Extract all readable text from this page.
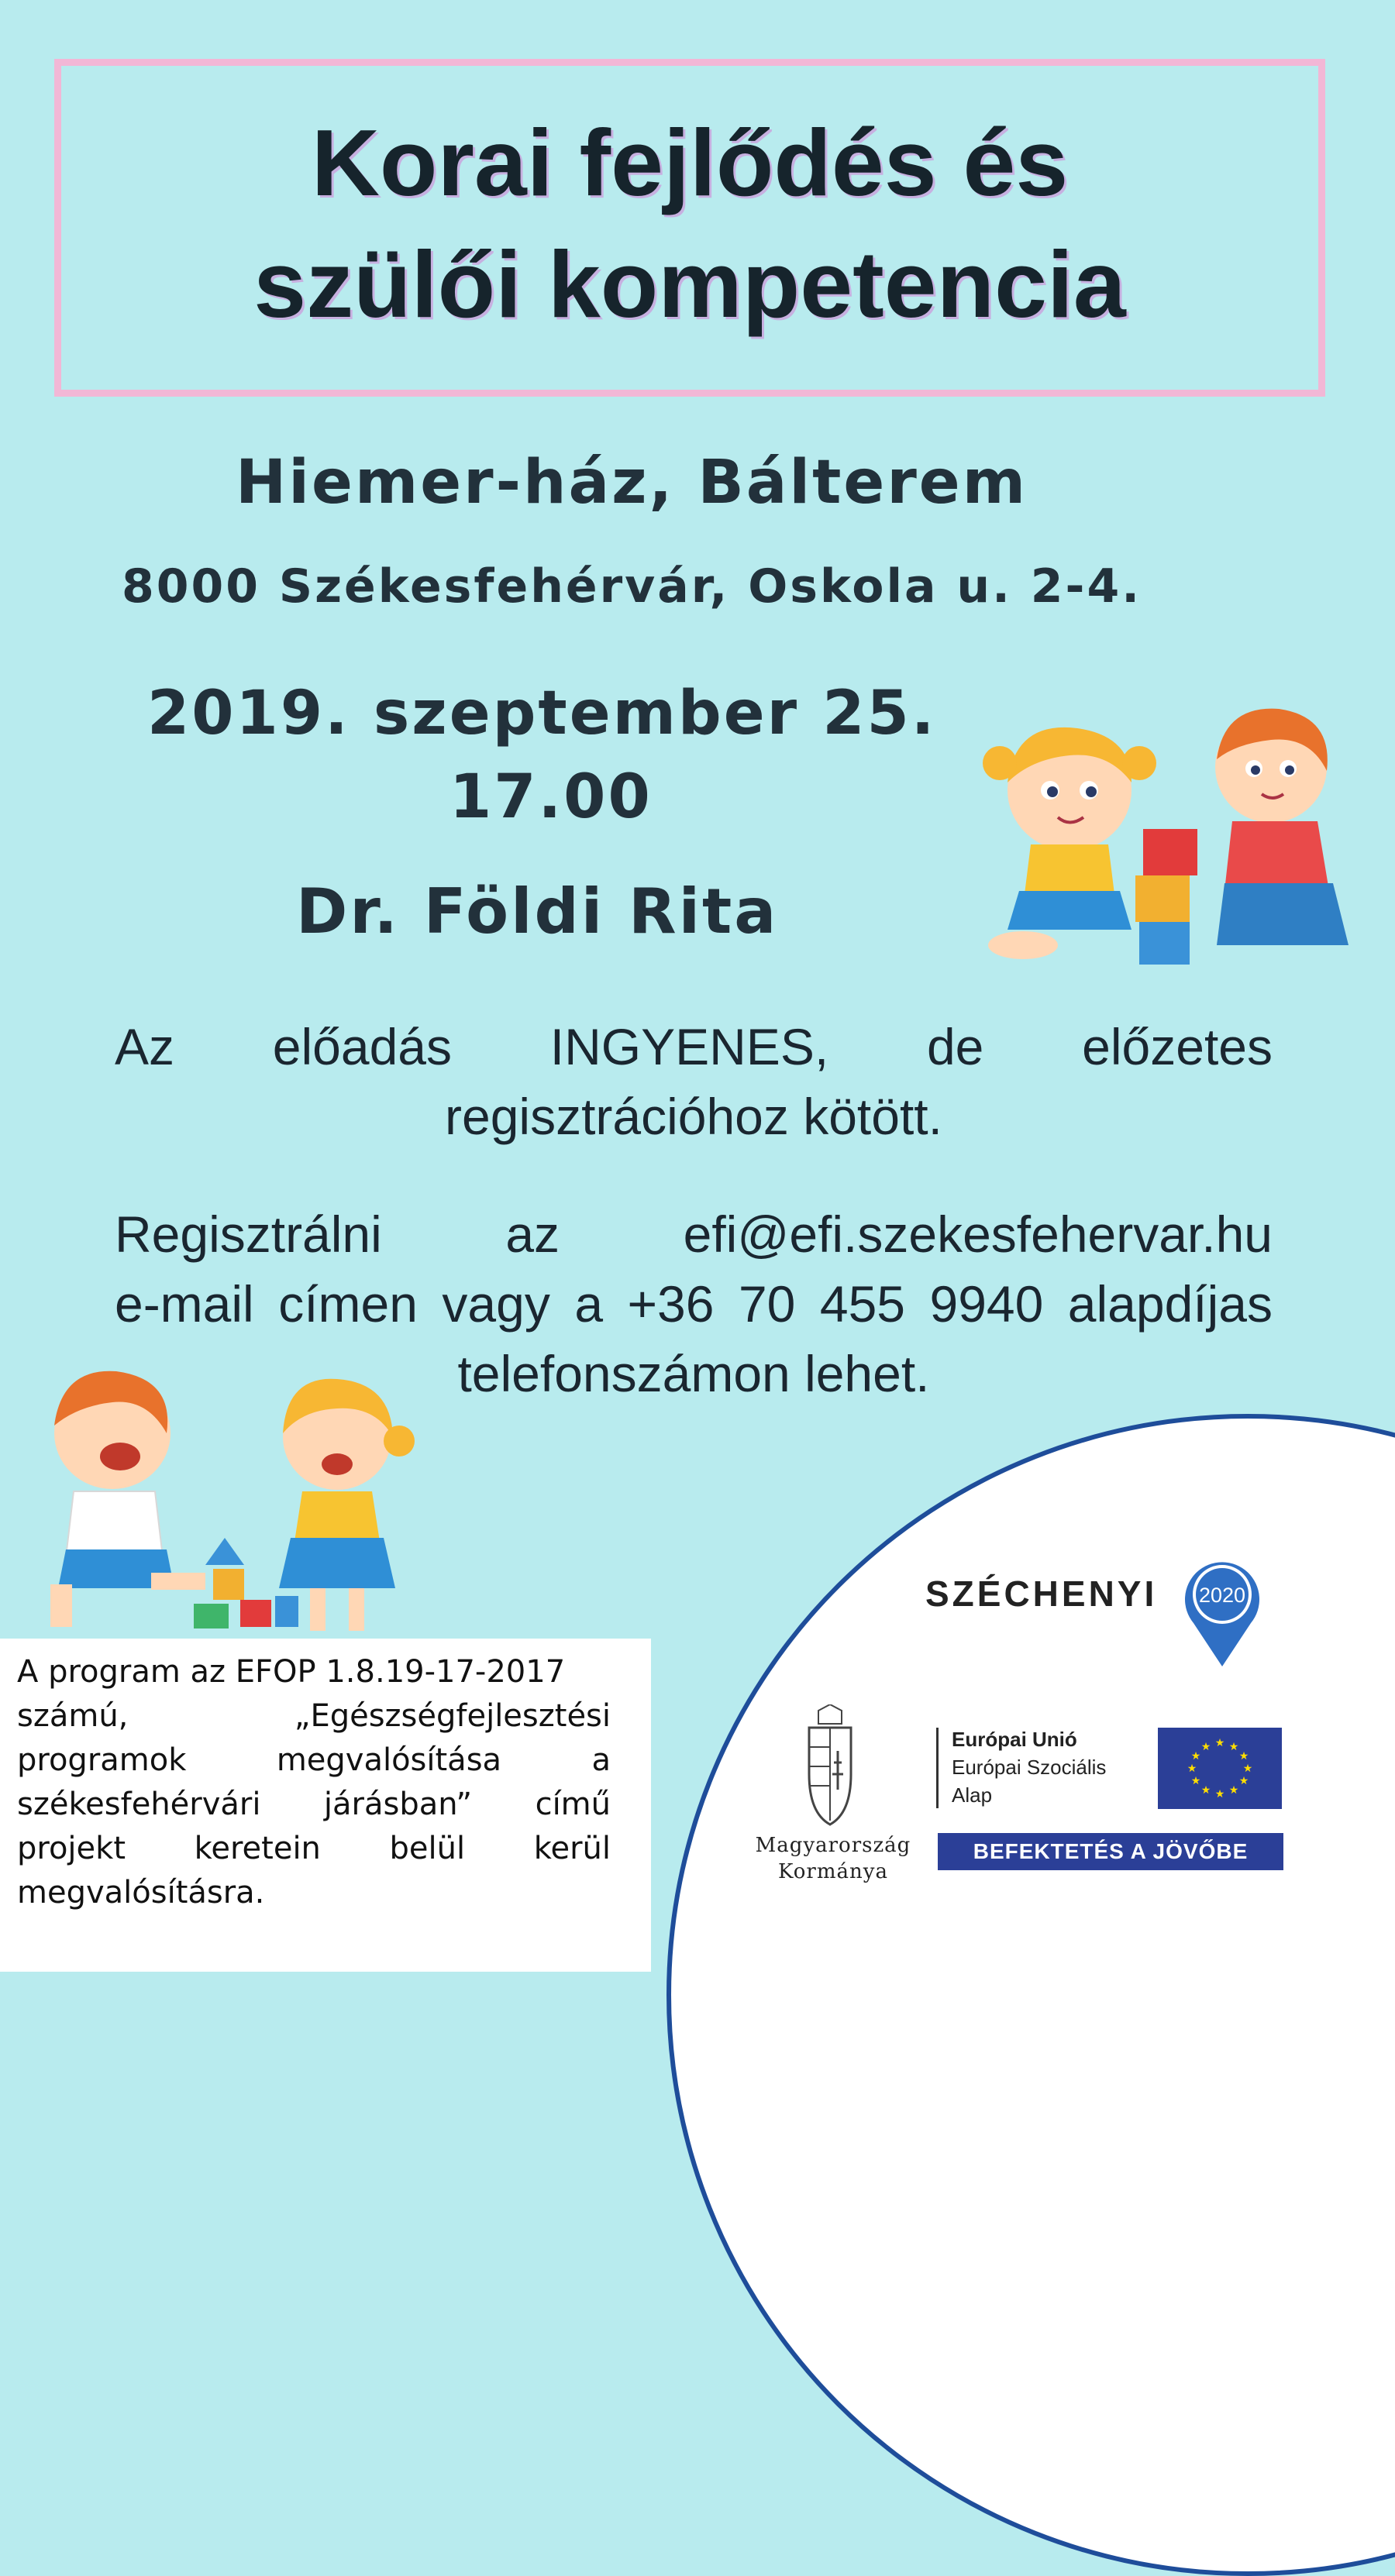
Korai fejlődés és
szülői kompetencia
Hiemer-ház, Bálterem
8000 Székesfehérvár, Oskola u. 2-4.
2019. szeptember 25.
17.00
Dr. Földi Rita
Az előadás INGYENES, de előzetes
regisztrációhoz kötött.
Regisztrálni az efi@efi.szekesfehervar.hu
e-mail címen vagy a +36 70 455 9940 alapdíjas
telefonszámon lehet.
A program az EFOP 1.8.19-17-2017
számú,	„Egészségfejlesztési
programok	megvalósítása	a
székesfehérvári járásban” című
projekt keretein belül kerül
megvalósításra.
SZÉCHENYI 2020
Magyarország
Kormánya
Európai Unió
Európai Szociális
Alap
★ ★
★
★
★
★
★
★
★
★
★
★
BEFEKTETÉS A JÖVŐBE
